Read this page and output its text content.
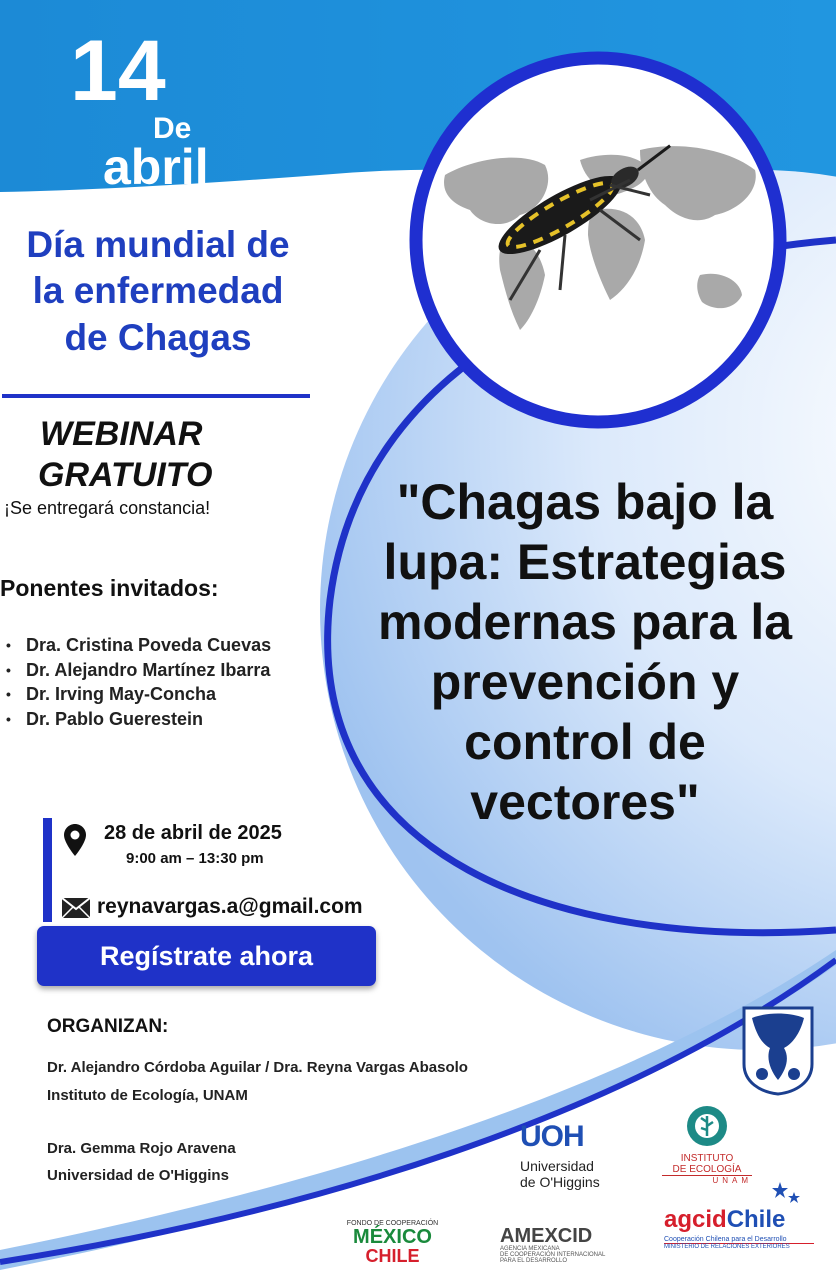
14
De
abril
Día mundial de
la enfermedad
de Chagas
WEBINAR
GRATUITO
¡Se entregará constancia!
Ponentes invitados:
• Dra. Cristina Poveda Cuevas
• Dr. Alejandro Martínez Ibarra
• Dr. Irving May-Concha
• Dr. Pablo Guerestein
"Chagas bajo la
lupa: Estrategias
modernas para la
prevención y
control de
vectores"
28 de abril de 2025
9:00 am – 13:30 pm
reynavargas.a@gmail.com
Regístrate ahora
ORGANIZAN:
Dr. Alejandro Córdoba Aguilar / Dra. Reyna Vargas Abasolo
Instituto de Ecología, UNAM
Dra. Gemma Rojo Aravena
Universidad de O'Higgins
UOH
Universidad
de O'Higgins
INSTITUTO
DE ECOLOGÍA
UNAM
FONDO DE COOPERACIÓN
MÉXICO
CHILE
AMEXCID
AGENCIA MEXICANA
DE COOPERACIÓN INTERNACIONAL
PARA EL DESARROLLO
agcidChile
Cooperación Chilena para el Desarrollo
MINISTERIO DE RELACIONES EXTERIORES
